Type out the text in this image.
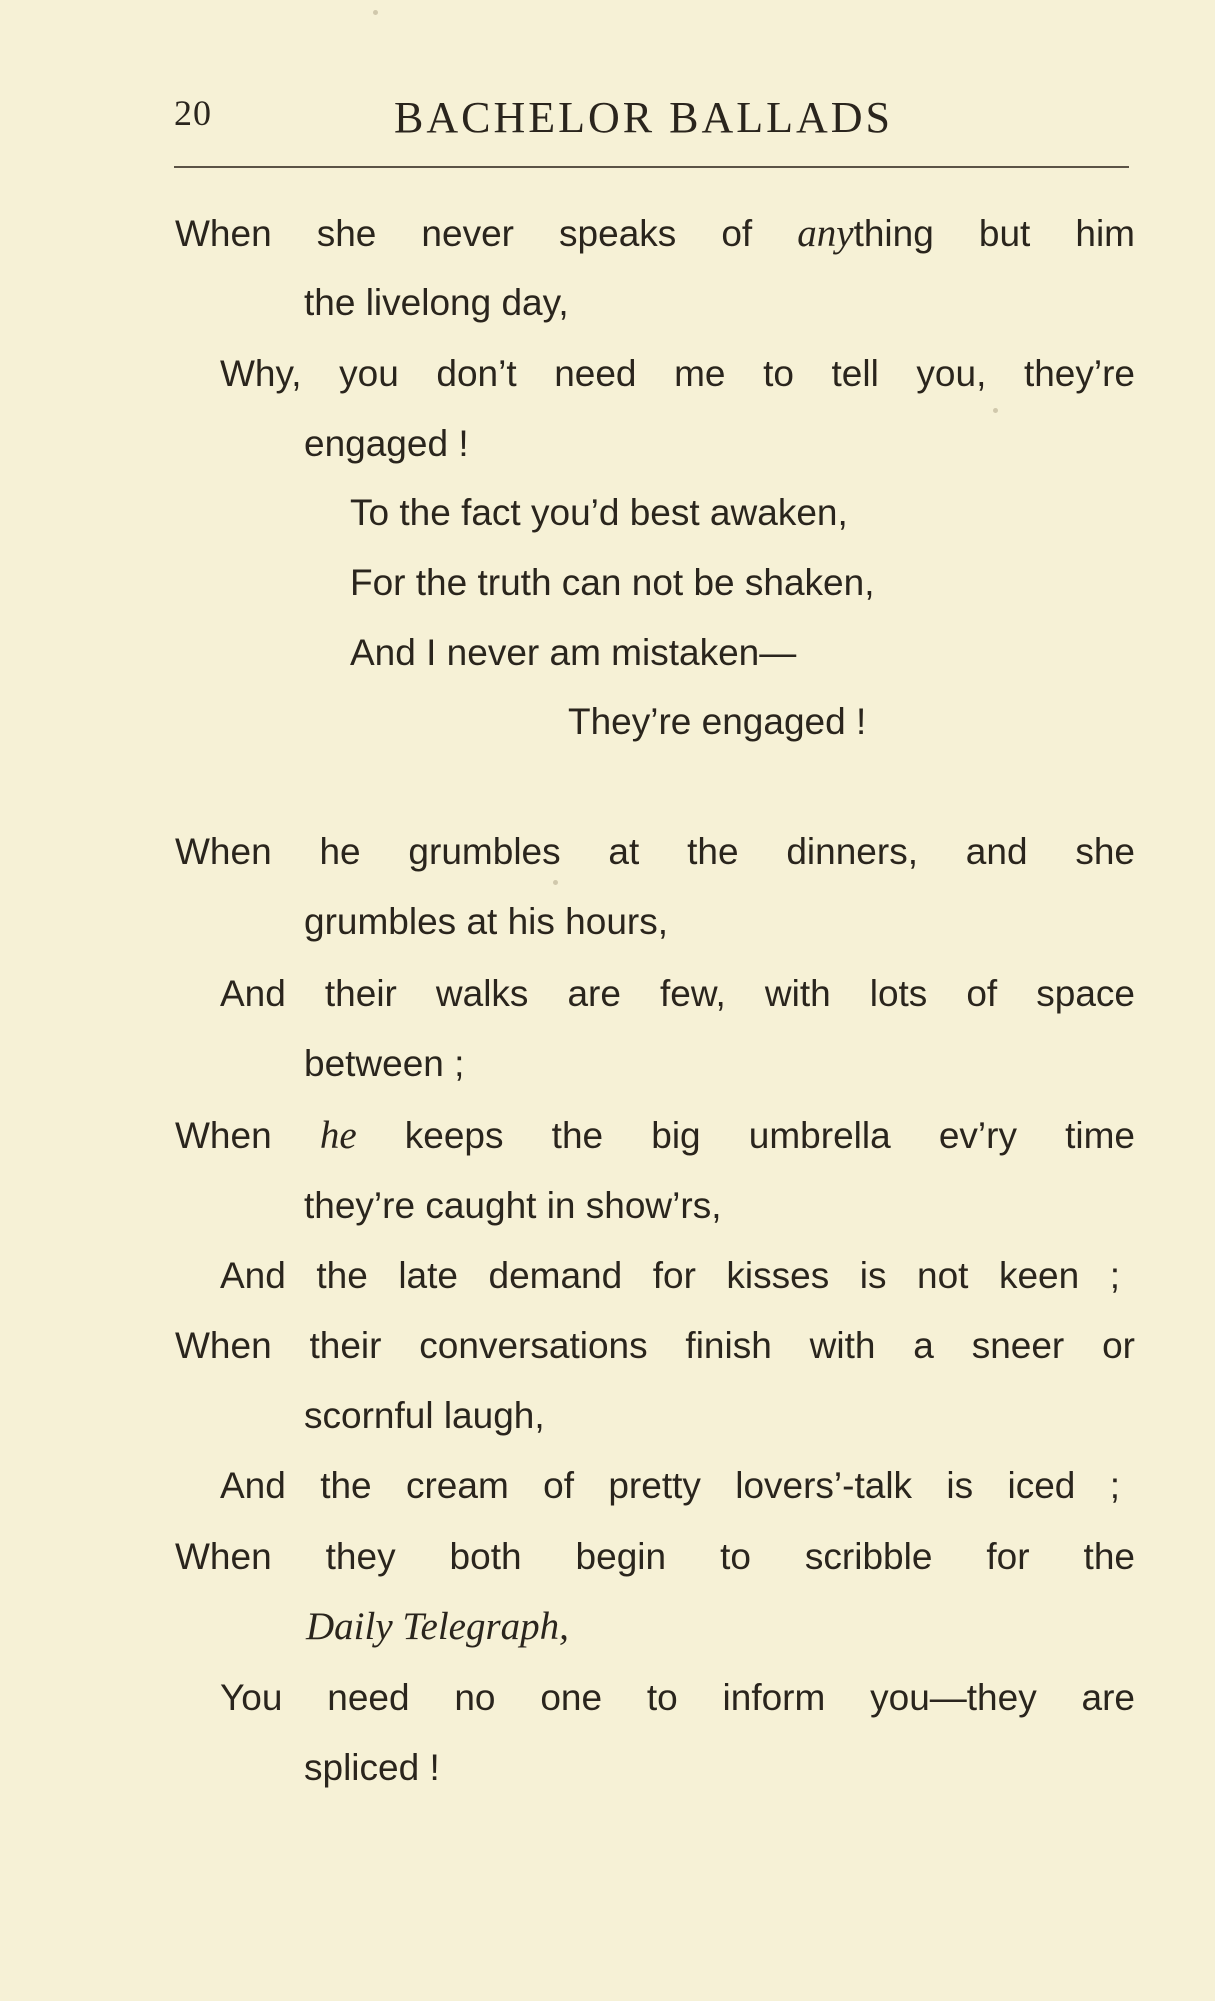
20	BACHELOR BALLADS
When she never speaks of anything but him
the livelong day,
Why, you don’t need me to tell you, they’re
engaged !
To the fact you’d best awaken,
For the truth can not be shaken,
And I never am mistaken—
They’re engaged !
When he grumbles at the dinners, and she
grumbles at his hours,
And their walks are few, with lots of space
between ;
When he keeps the big umbrella ev’ry time
they’re caught in show’rs,
And the late demand for kisses is not keen ;
When their conversations finish with a sneer or
scornful laugh,
And the cream of pretty lovers’-talk is iced ;
When they both begin to scribble for the
Daily Telegraph,
You need no one to inform you—they are
spliced !
